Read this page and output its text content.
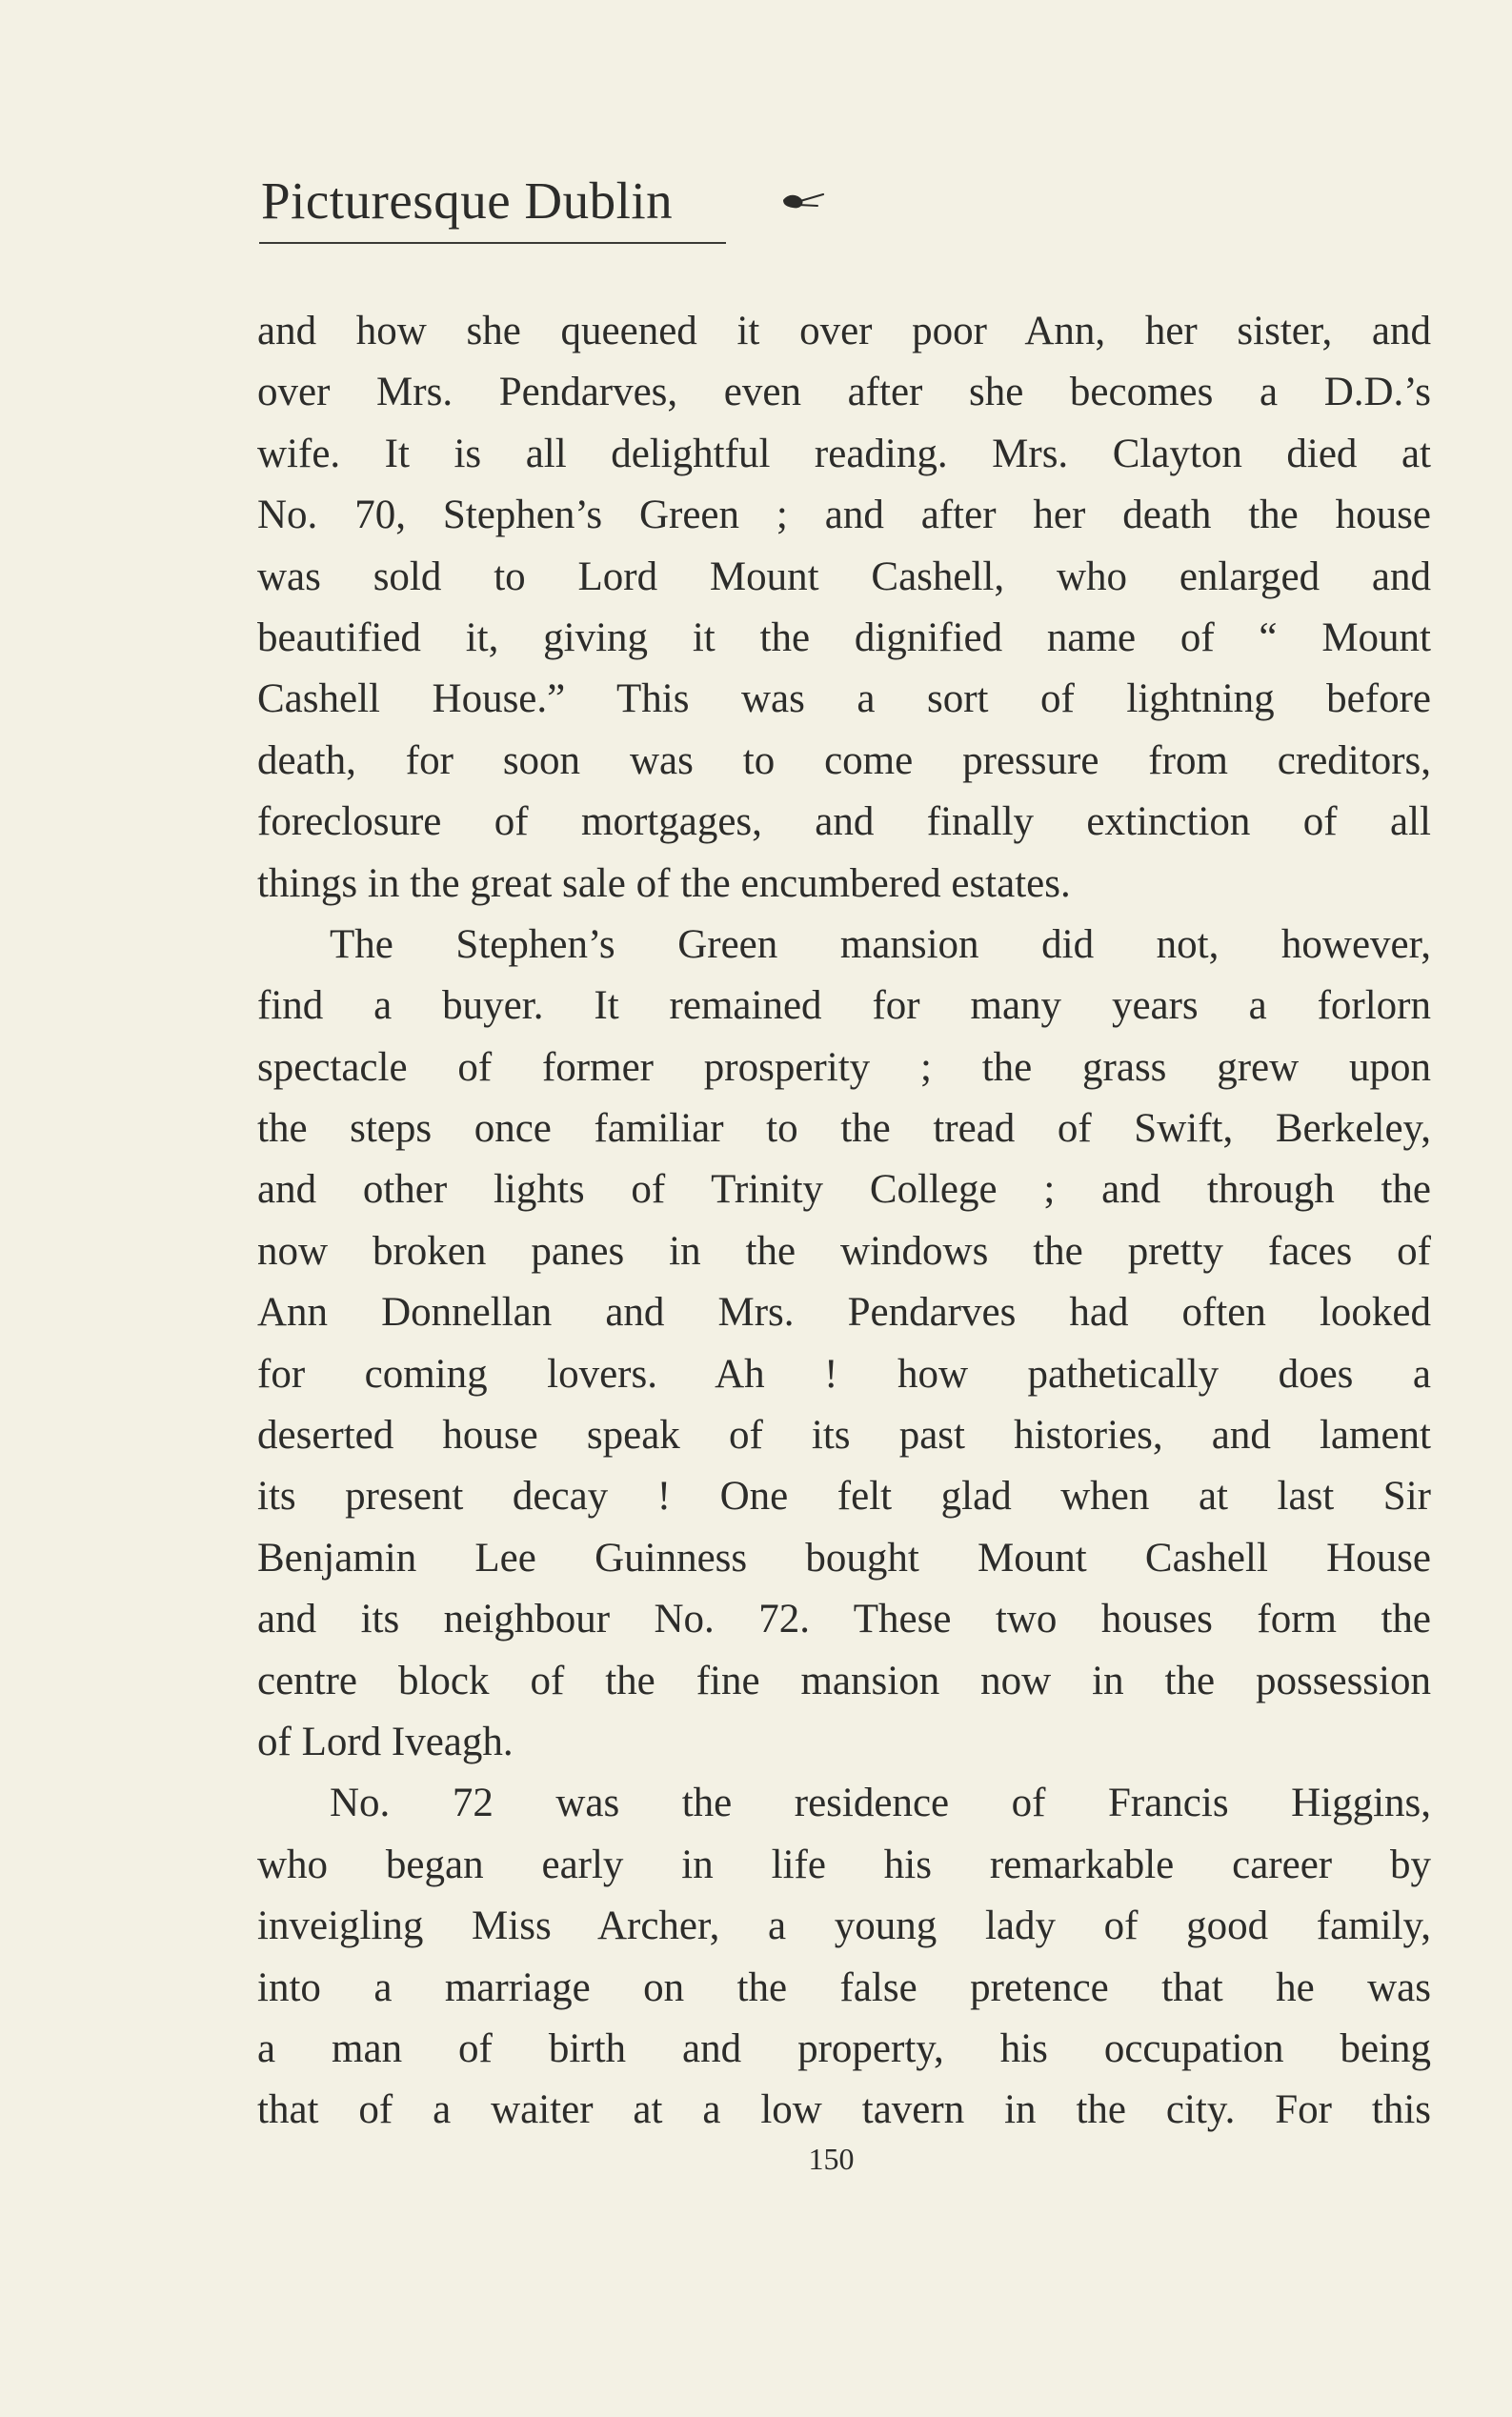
Picturesque Dublin
and how she queened it over poor Ann, her sister, and
over Mrs. Pendarves, even after she becomes a D.D.’s
wife. It is all delightful reading. Mrs. Clayton died at
No. 70, Stephen’s Green ; and after her death the house
was sold to Lord Mount Cashell, who enlarged and
beautified it, giving it the dignified name of “ Mount
Cashell House.” This was a sort of lightning before
death, for soon was to come pressure from creditors,
foreclosure of mortgages, and finally extinction of all
things in the great sale of the encumbered estates.
The Stephen’s Green mansion did not, however,
find a buyer. It remained for many years a forlorn
spectacle of former prosperity ; the grass grew upon
the steps once familiar to the tread of Swift, Berkeley,
and other lights of Trinity College ; and through the
now broken panes in the windows the pretty faces of
Ann Donnellan and Mrs. Pendarves had often looked
for coming lovers. Ah ! how pathetically does a
deserted house speak of its past histories, and lament
its present decay ! One felt glad when at last Sir
Benjamin Lee Guinness bought Mount Cashell House
and its neighbour No. 72. These two houses form the
centre block of the fine mansion now in the possession
of Lord Iveagh.
No. 72 was the residence of Francis Higgins,
who began early in life his remarkable career by
inveigling Miss Archer, a young lady of good family,
into a marriage on the false pretence that he was
a man of birth and property, his occupation being
that of a waiter at a low tavern in the city. For this
150
